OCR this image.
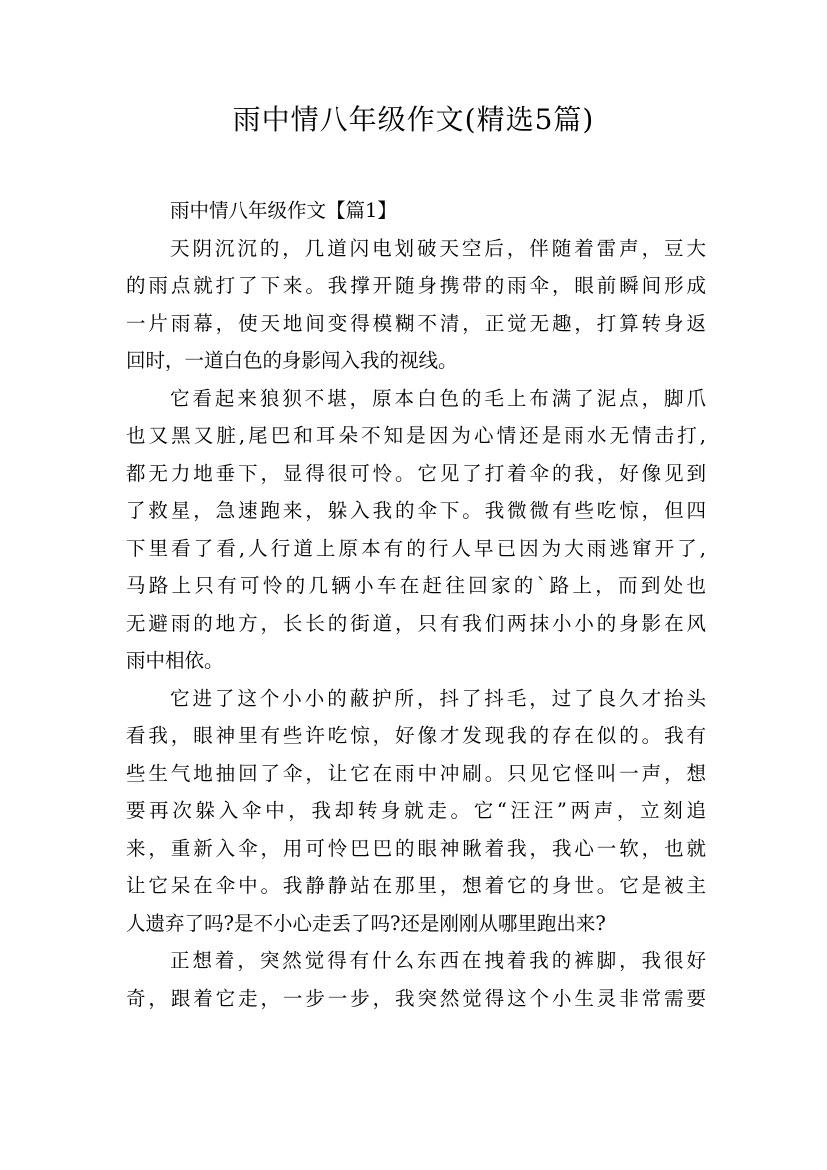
雨中情八年级作文(精选5篇)
雨中情八年级作文【篇1】
天阴沉沉的，几道闪电划破天空后，伴随着雷声，豆大
的雨点就打了下来。我撑开随身携带的雨伞，眼前瞬间形成
一片雨幕，使天地间变得模糊不清，正觉无趣，打算转身返
回时，一道白色的身影闯入我的视线。
它看起来狼狈不堪，原本白色的毛上布满了泥点，脚爪
也又黑又脏,尾巴和耳朵不知是因为心情还是雨水无情击打,
都无力地垂下，显得很可怜。它见了打着伞的我，好像见到
了救星，急速跑来，躲入我的伞下。我微微有些吃惊，但四
下里看了看,人行道上原本有的行人早已因为大雨逃窜开了,
马路上只有可怜的几辆小车在赶往回家的`路上，而到处也
无避雨的地方，长长的街道，只有我们两抹小小的身影在风
雨中相依。
它进了这个小小的蔽护所，抖了抖毛，过了良久才抬头
看我，眼神里有些许吃惊，好像才发现我的存在似的。我有
些生气地抽回了伞，让它在雨中冲刷。只见它怪叫一声，想
要再次躲入伞中，我却转身就走。它“汪汪”两声，立刻追
来，重新入伞，用可怜巴巴的眼神瞅着我，我心一软，也就
让它呆在伞中。我静静站在那里，想着它的身世。它是被主
人遗弃了吗?是不小心走丢了吗?还是刚刚从哪里跑出来?
正想着，突然觉得有什么东西在拽着我的裤脚，我很好
奇，跟着它走，一步一步，我突然觉得这个小生灵非常需要
